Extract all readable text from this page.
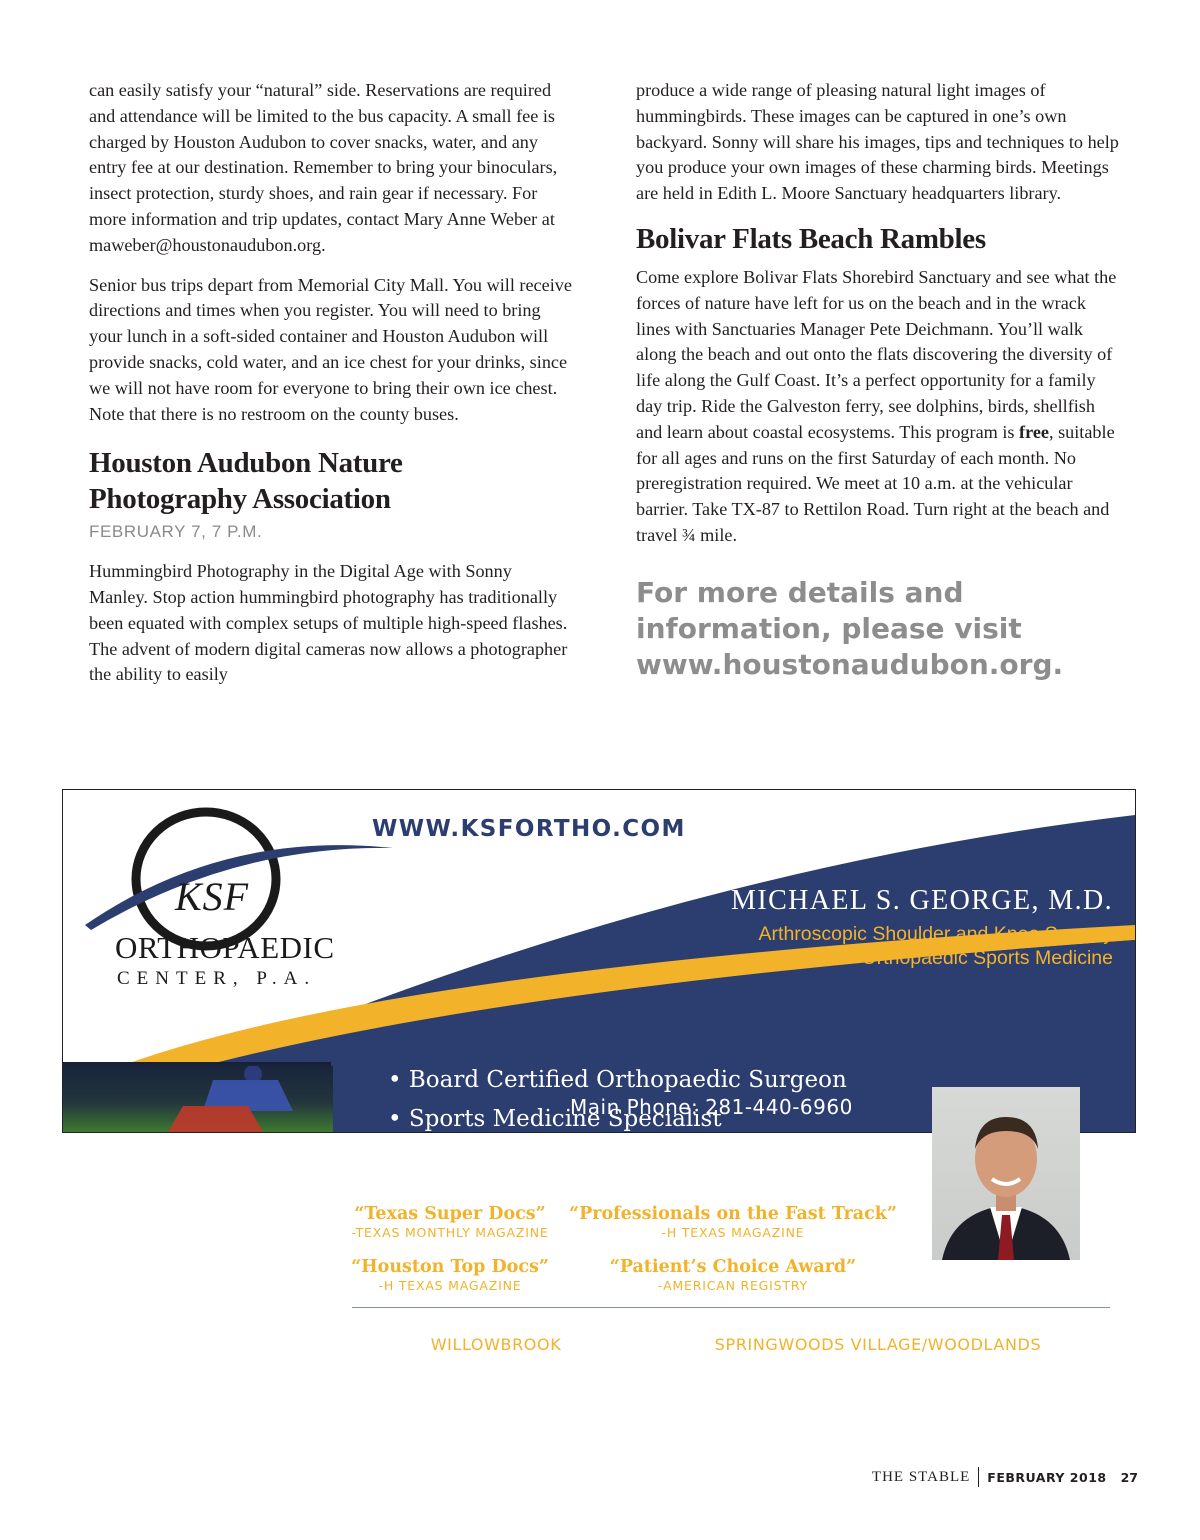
can easily satisfy your “natural” side. Reservations are required and attendance will be limited to the bus capacity. A small fee is charged by Houston Audubon to cover snacks, water, and any entry fee at our destination. Remember to bring your binoculars, insect protection, sturdy shoes, and rain gear if necessary. For more information and trip updates, contact Mary Anne Weber at maweber@houstonaudubon.org.

Senior bus trips depart from Memorial City Mall. You will receive directions and times when you register. You will need to bring your lunch in a soft-sided container and Houston Audubon will provide snacks, cold water, and an ice chest for your drinks, since we will not have room for everyone to bring their own ice chest. Note that there is no restroom on the county buses.

Houston Audubon Nature
Photography Association
FEBRUARY 7, 7 P.M.

Hummingbird Photography in the Digital Age with Sonny Manley. Stop action hummingbird photography has traditionally been equated with complex setups of multiple high-speed flashes. The advent of modern digital cameras now allows a photographer the ability to easily

produce a wide range of pleasing natural light images of hummingbirds. These images can be captured in one’s own backyard. Sonny will share his images, tips and techniques to help you produce your own images of these charming birds. Meetings are held in Edith L. Moore Sanctuary headquarters library.

Bolivar Flats Beach Rambles

Come explore Bolivar Flats Shorebird Sanctuary and see what the forces of nature have left for us on the beach and in the wrack lines with Sanctuaries Manager Pete Deichmann. You’ll walk along the beach and out onto the flats discovering the diversity of life along the Gulf Coast. It’s a perfect opportunity for a family day trip. Ride the Galveston ferry, see dolphins, birds, shellfish and learn about coastal ecosystems. This program is free, suitable for all ages and runs on the first Saturday of each month. No preregistration required. We meet at 10 a.m. at the vehicular barrier. Take TX-87 to Rettilon Road. Turn right at the beach and travel ¾ mile.

For more details and
information, please visit
www.houstonaudubon.org.
WWW.KSFORTHO.COM
KSF
ORTHOPAEDIC
CENTER, P.A.
MICHAEL S. GEORGE, M.D.
Arthroscopic Shoulder and Knee Surgery
Orthopaedic Sports Medicine
• Board Certified Orthopaedic Surgeon
• Sports Medicine Specialist
• Gleannloch Farms Resident
“Texas Super Docs”
-TEXAS MONTHLY MAGAZINE
“Professionals on the Fast Track”
-H TEXAS MAGAZINE
“Houston Top Docs”
-H TEXAS MAGAZINE
“Patient’s Choice Award”
-AMERICAN REGISTRY
WILLOWBROOK
13333 Dotson Rd., Suite 180
Houston, Texas 77070
SPRINGWOODS VILLAGE/WOODLANDS
2255 E. Mossy Oaks Rd., Suite 440
Spring, Texas 77389
Main Phone: 281-440-6960
THE STABLE FEBRUARY 2018 27
